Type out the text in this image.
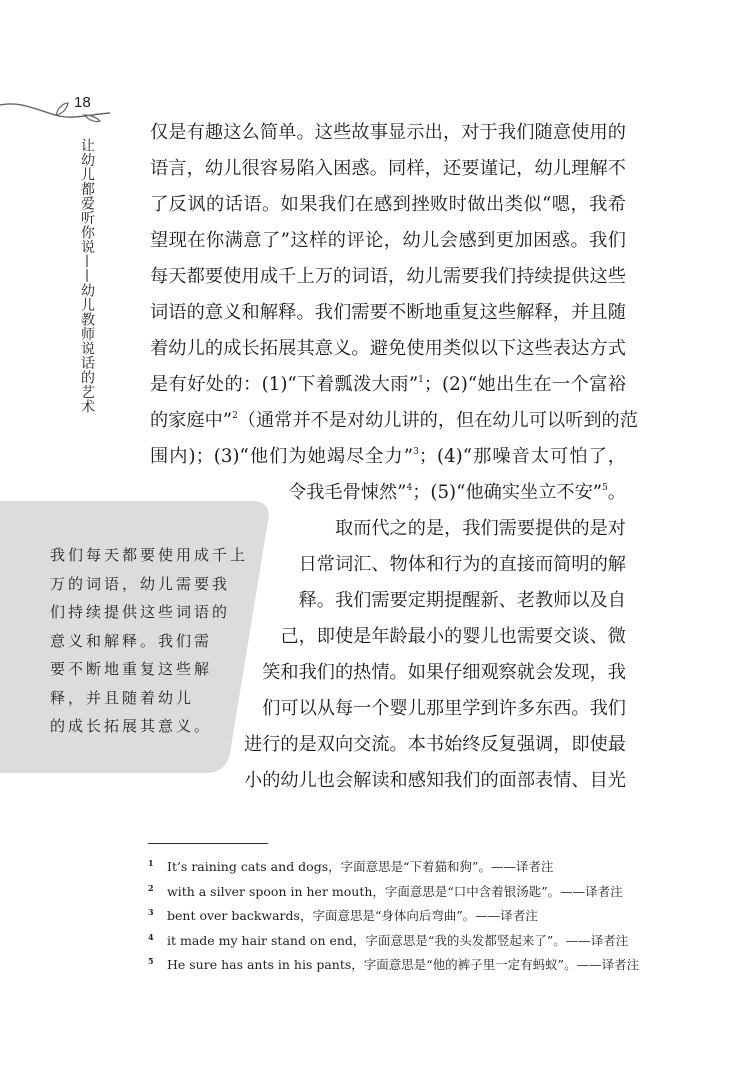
18
让幼儿都爱听你说——幼儿教师说话的艺术
仅是有趣这么简单。这些故事显示出，对于我们随意使用的
语言，幼儿很容易陷入困惑。同样，还要谨记，幼儿理解不
了反讽的话语。如果我们在感到挫败时做出类似“嗯，我希
望现在你满意了”这样的评论，幼儿会感到更加困惑。我们
每天都要使用成千上万的词语，幼儿需要我们持续提供这些
词语的意义和解释。我们需要不断地重复这些解释，并且随
着幼儿的成长拓展其意义。避免使用类似以下这些表达方式
是有好处的：(1)“下着瓢泼大雨”$^1$；(2)“她出生在一个富裕
的家庭中”$^2$（通常并不是对幼儿讲的，但在幼儿可以听到的范
围内)；(3)“他们为她竭尽全力”$^3$；(4)“那噪音太可怕了，
令我毛骨悚然”$^4$；(5)“他确实坐立不安”$^5$。
取而代之的是，我们需要提供的是对
日常词汇、物体和行为的直接而简明的解
释。我们需要定期提醒新、老教师以及自
己，即使是年龄最小的婴儿也需要交谈、微
笑和我们的热情。如果仔细观察就会发现，我
们可以从每一个婴儿那里学到许多东西。我们
进行的是双向交流。本书始终反复强调，即使最
小的幼儿也会解读和感知我们的面部表情、目光
我们每天都要使用成千上
万的词语，幼儿需要我
们持续提供这些词语的
意义和解释。我们需
要不断地重复这些解
释，并且随着幼儿
的成长拓展其意义。
1 It’s raining cats and dogs，字面意思是“下着猫和狗”。——译者注
2 with a silver spoon in her mouth，字面意思是“口中含着银汤匙”。——译者注
3 bent over backwards，字面意思是“身体向后弯曲”。——译者注
4 it made my hair stand on end，字面意思是“我的头发都竖起来了”。——译者注
5 He sure has ants in his pants，字面意思是“他的裤子里一定有蚂蚁”。——译者注
